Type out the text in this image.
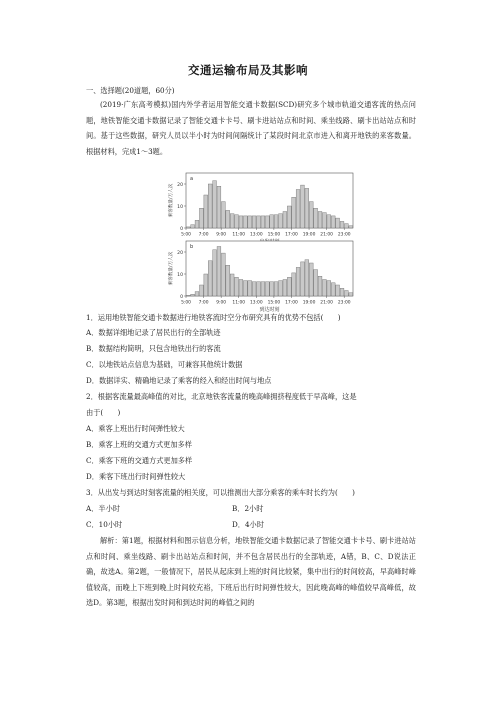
交通运输布局及其影响
一、选择题(20道题，60分)
(2019·广东高考模拟)国内外学者运用智能交通卡数据(SCD)研究多个城市轨道交通客流的热点问题，地铁智能交通卡数据记录了智能交通卡卡号、刷卡进站站点和时间、乘坐线路、刷卡出站站点和时间。基于这些数据，研究人员以半小时为时间间隔统计了某段时间北京市进入和离开地铁的来客数量。根据材料，完成1～3题。
0
10
20
5:00 7:00 9:00 11:00 13:00 15:00 17:00 19:00 21:00 23:00
a
乘客数量/万人次
0
10
20
5:00 7:00 9:00 11:00 13:00 15:00 17:00 19:00 21:00 23:00
b
乘客数量/万人次
到达时刻
1．运用地铁智能交通卡数据进行地铁客流时空分布研究具有的优势不包括(　　)
A．数据详细地记录了居民出行的全部轨迹
B．数据结构简明，只包含地铁出行的客流
C．以地铁站点信息为基础，可兼容其他统计数据
D．数据详实、精确地记录了乘客的经入和经出时间与地点
2．根据客流量最高峰值的对比，北京地铁客流量的晚高峰拥挤程度低于早高峰，这是
由于(　　)
A．乘客上班出行时间弹性较大
B．乘客上班的交通方式更加多样
C．乘客下班的交通方式更加多样
D．乘客下班出行时间弹性较大
3．从出发与到达时刻客流量的相关度，可以推测出大部分乘客的乘车时长约为(　　)
A．半小时	B．2小时
C．10小时	D．4小时
解析：第1题，根据材料和图示信息分析，地铁智能交通卡数据记录了智能交通卡卡号、刷卡进站站点和时间、乘坐线路、刷卡出站站点和时间，并不包含居民出行的全部轨迹，A错，B、C、D说法正确，故选A。第2题，一般情况下，居民从起床到上班的时间比较紧，集中出行的时间较高，早高峰时峰值较高，而晚上下班到晚上时间较充裕，下班后出行时间弹性较大，因此晚高峰的峰值较早高峰低，故选D。第3题，根据出发时间和到达时间的峰值之间的
